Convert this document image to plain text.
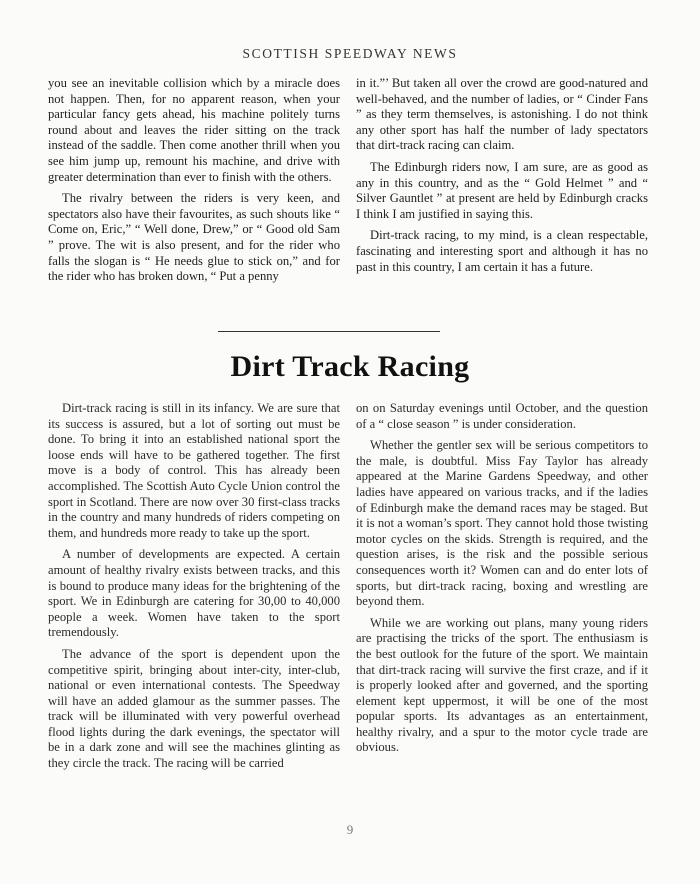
SCOTTISH SPEEDWAY NEWS

you see an inevitable collision which by a miracle does not happen. Then, for no apparent reason, when your particular fancy gets ahead, his machine politely turns round about and leaves the rider sitting on the track instead of the saddle. Then come another thrill when you see him jump up, remount his machine, and drive with greater determination than ever to finish with the others.

The rivalry between the riders is very keen, and spectators also have their favourites, as such shouts like “ Come on, Eric,” “ Well done, Drew,” or “ Good old Sam ” prove. The wit is also present, and for the rider who falls the slogan is “ He needs glue to stick on,” and for the rider who has broken down, “ Put a penny

in it.”’ But taken all over the crowd are good-natured and well-behaved, and the number of ladies, or “ Cinder Fans ” as they term themselves, is astonishing. I do not think any other sport has half the number of lady spectators that dirt-track racing can claim.

The Edinburgh riders now, I am sure, are as good as any in this country, and as the “ Gold Helmet ” and “ Silver Gauntlet ” at present are held by Edinburgh cracks I think I am justified in saying this.

Dirt-track racing, to my mind, is a clean respectable, fascinating and interesting sport and although it has no past in this country, I am certain it has a future.

Dirt Track Racing

Dirt-track racing is still in its infancy. We are sure that its success is assured, but a lot of sorting out must be done. To bring it into an established national sport the loose ends will have to be gathered together. The first move is a body of control. This has already been accomplished. The Scottish Auto Cycle Union control the sport in Scotland. There are now over 30 first-class tracks in the country and many hundreds of riders competing on them, and hundreds more ready to take up the sport.

A number of developments are expected. A certain amount of healthy rivalry exists between tracks, and this is bound to produce many ideas for the brightening of the sport. We in Edinburgh are catering for 30,00 to 40,000 people a week. Women have taken to the sport tremendously.

The advance of the sport is dependent upon the competitive spirit, bringing about inter-city, inter-club, national or even international contests. The Speedway will have an added glamour as the summer passes. The track will be illuminated with very powerful overhead flood lights during the dark evenings, the spectator will be in a dark zone and will see the machines glinting as they circle the track. The racing will be carried

on on Saturday evenings until October, and the question of a “ close season ” is under consideration.

Whether the gentler sex will be serious competitors to the male, is doubtful. Miss Fay Taylor has already appeared at the Marine Gardens Speedway, and other ladies have appeared on various tracks, and if the ladies of Edinburgh make the demand races may be staged. But it is not a woman’s sport. They cannot hold those twisting motor cycles on the skids. Strength is required, and the question arises, is the risk and the possible serious consequences worth it? Women can and do enter lots of sports, but dirt-track racing, boxing and wrestling are beyond them.

While we are working out plans, many young riders are practising the tricks of the sport. The enthusiasm is the best outlook for the future of the sport. We maintain that dirt-track racing will survive the first craze, and if it is properly looked after and governed, and the sporting element kept uppermost, it will be one of the most popular sports. Its advantages as an entertainment, healthy rivalry, and a spur to the motor cycle trade are obvious.

9
